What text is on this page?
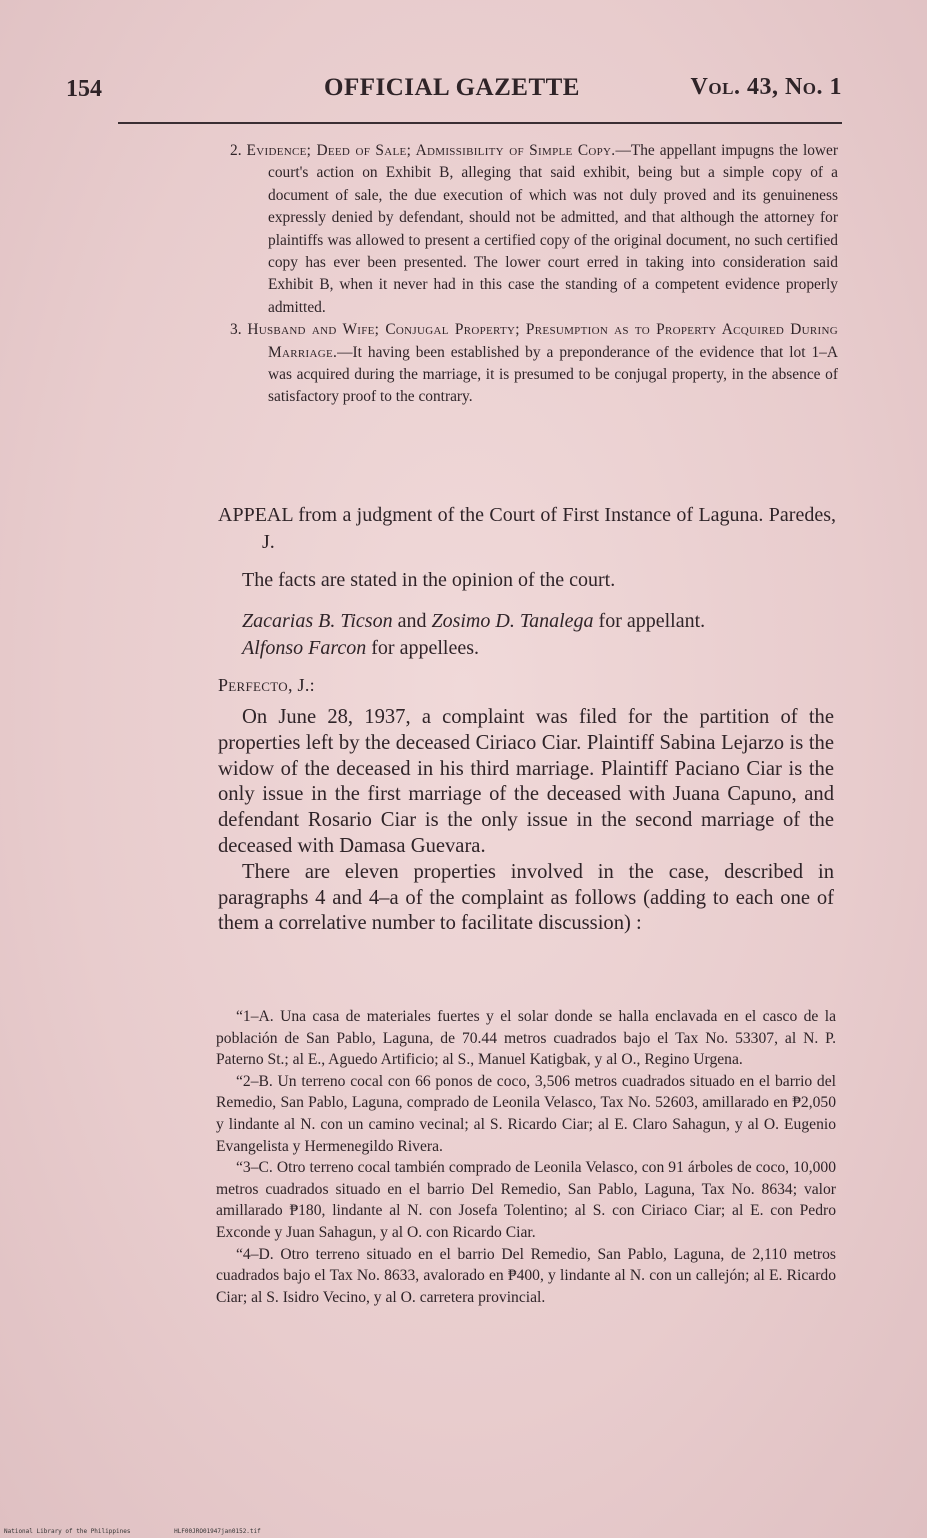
154	OFFICIAL GAZETTE	Vol. 43, No. 1

2. Evidence; Deed of Sale; Admissibility of Simple Copy.—The appellant impugns the lower court's action on Exhibit B, alleging that said exhibit, being but a simple copy of a document of sale, the due execution of which was not duly proved and its genuineness expressly denied by defendant, should not be admitted, and that although the attorney for plaintiffs was allowed to present a certified copy of the original document, no such certified copy has ever been presented. The lower court erred in taking into consideration said Exhibit B, when it never had in this case the standing of a competent evidence properly admitted.

3. Husband and Wife; Conjugal Property; Presumption as to Property Acquired During Marriage.—It having been established by a preponderance of the evidence that lot 1–A was acquired during the marriage, it is presumed to be conjugal property, in the absence of satisfactory proof to the contrary.

APPEAL from a judgment of the Court of First Instance of Laguna. Paredes, J.

The facts are stated in the opinion of the court.

Zacarias B. Ticson and Zosimo D. Tanalega for appellant.

Alfonso Farcon for appellees.

Perfecto, J.:

On June 28, 1937, a complaint was filed for the partition of the properties left by the deceased Ciriaco Ciar. Plaintiff Sabina Lejarzo is the widow of the deceased in his third marriage. Plaintiff Paciano Ciar is the only issue in the first marriage of the deceased with Juana Capuno, and defendant Rosario Ciar is the only issue in the second marriage of the deceased with Damasa Guevara.

There are eleven properties involved in the case, described in paragraphs 4 and 4–a of the complaint as follows (adding to each one of them a correlative number to facilitate discussion) :

“1–A. Una casa de materiales fuertes y el solar donde se halla enclavada en el casco de la población de San Pablo, Laguna, de 70.44 metros cuadrados bajo el Tax No. 53307, al N. P. Paterno St.; al E., Aguedo Artificio; al S., Manuel Katigbak, y al O., Regino Urgena.

“2–B. Un terreno cocal con 66 ponos de coco, 3,506 metros cuadrados situado en el barrio del Remedio, San Pablo, Laguna, comprado de Leonila Velasco, Tax No. 52603, amillarado en ₱2,050 y lindante al N. con un camino vecinal; al S. Ricardo Ciar; al E. Claro Sahagun, y al O. Eugenio Evangelista y Hermenegildo Rivera.

“3–C. Otro terreno cocal también comprado de Leonila Velasco, con 91 árboles de coco, 10,000 metros cuadrados situado en el barrio Del Remedio, San Pablo, Laguna, Tax No. 8634; valor amillarado ₱180, lindante al N. con Josefa Tolentino; al S. con Ciriaco Ciar; al E. con Pedro Exconde y Juan Sahagun, y al O. con Ricardo Ciar.

“4–D. Otro terreno situado en el barrio Del Remedio, San Pablo, Laguna, de 2,110 metros cuadrados bajo el Tax No. 8633, avalorado en ₱400, y lindante al N. con un callejón; al E. Ricardo Ciar; al S. Isidro Vecino, y al O. carretera provincial.

National Library of the Philippines	HLF00JRO01947jan0152.tif
